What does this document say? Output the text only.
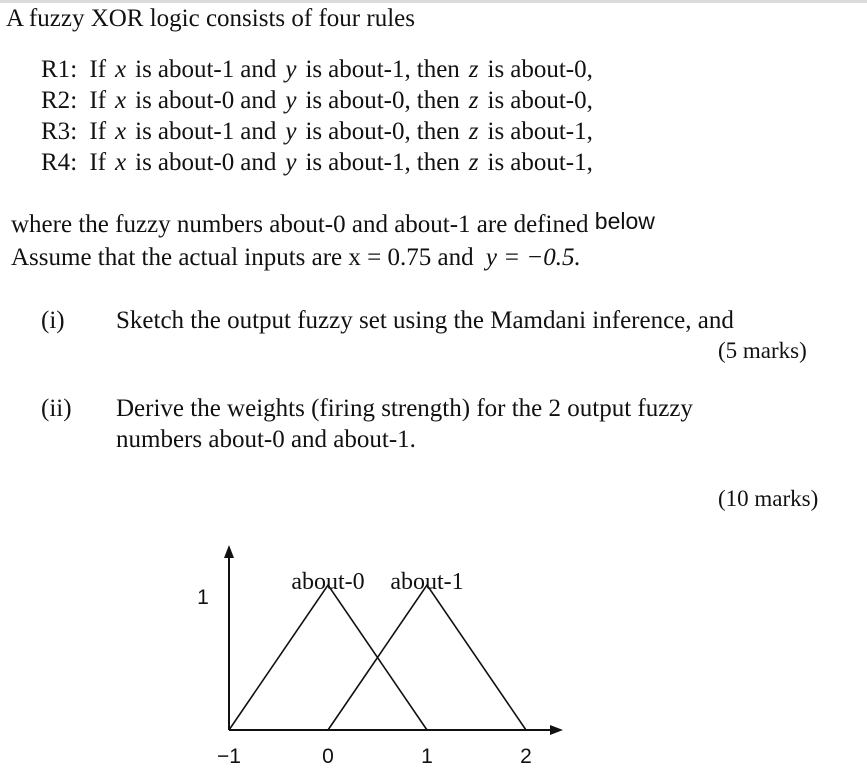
A fuzzy XOR logic consists of four rules
R1: If x is about-1 and y is about-1, then z is about-0,
R2: If x is about-0 and y is about-0, then z is about-0,
R3: If x is about-1 and y is about-0, then z is about-1,
R4: If x is about-0 and y is about-1, then z is about-1,
where the fuzzy numbers about-0 and about-1 are defined below
Assume that the actual inputs are x = 0.75 and y = −0.5.
(i) Sketch the output fuzzy set using the Mamdani inference, and
(5 marks)
(ii) Derive the weights (firing strength) for the 2 output fuzzy
numbers about-0 and about-1.
(10 marks)
about-0 about-1
−1	0	1	2
1
